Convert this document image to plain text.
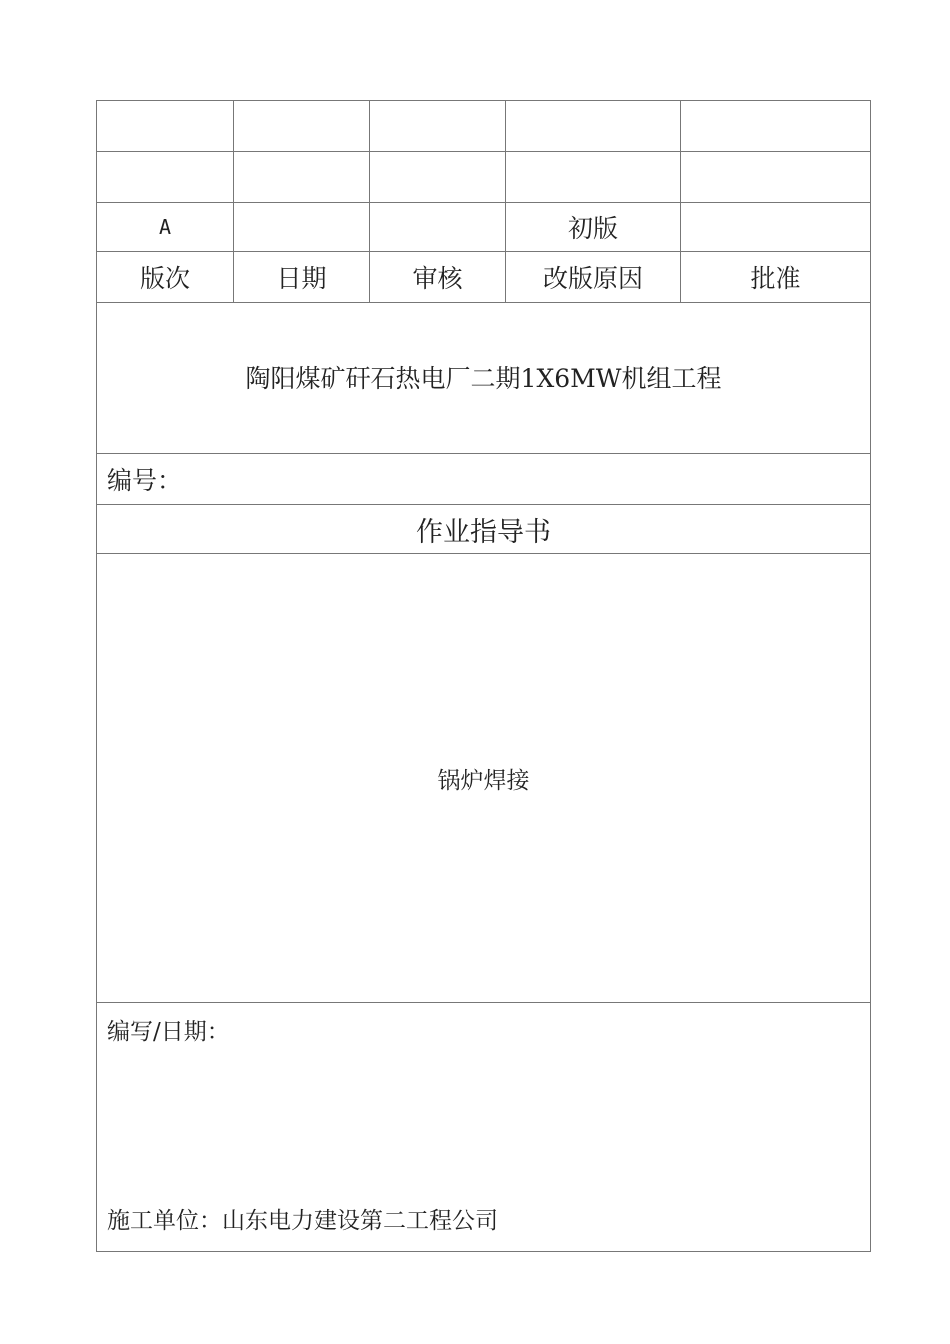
A			初版	
版次	日期	审核	改版原因	批准
陶阳煤矿矸石热电厂二期1X6MW机组工程				
编号：				
作业指导书				
锅炉焊接				

编写/日期：
施工单位：山东电力建设第二工程公司				
